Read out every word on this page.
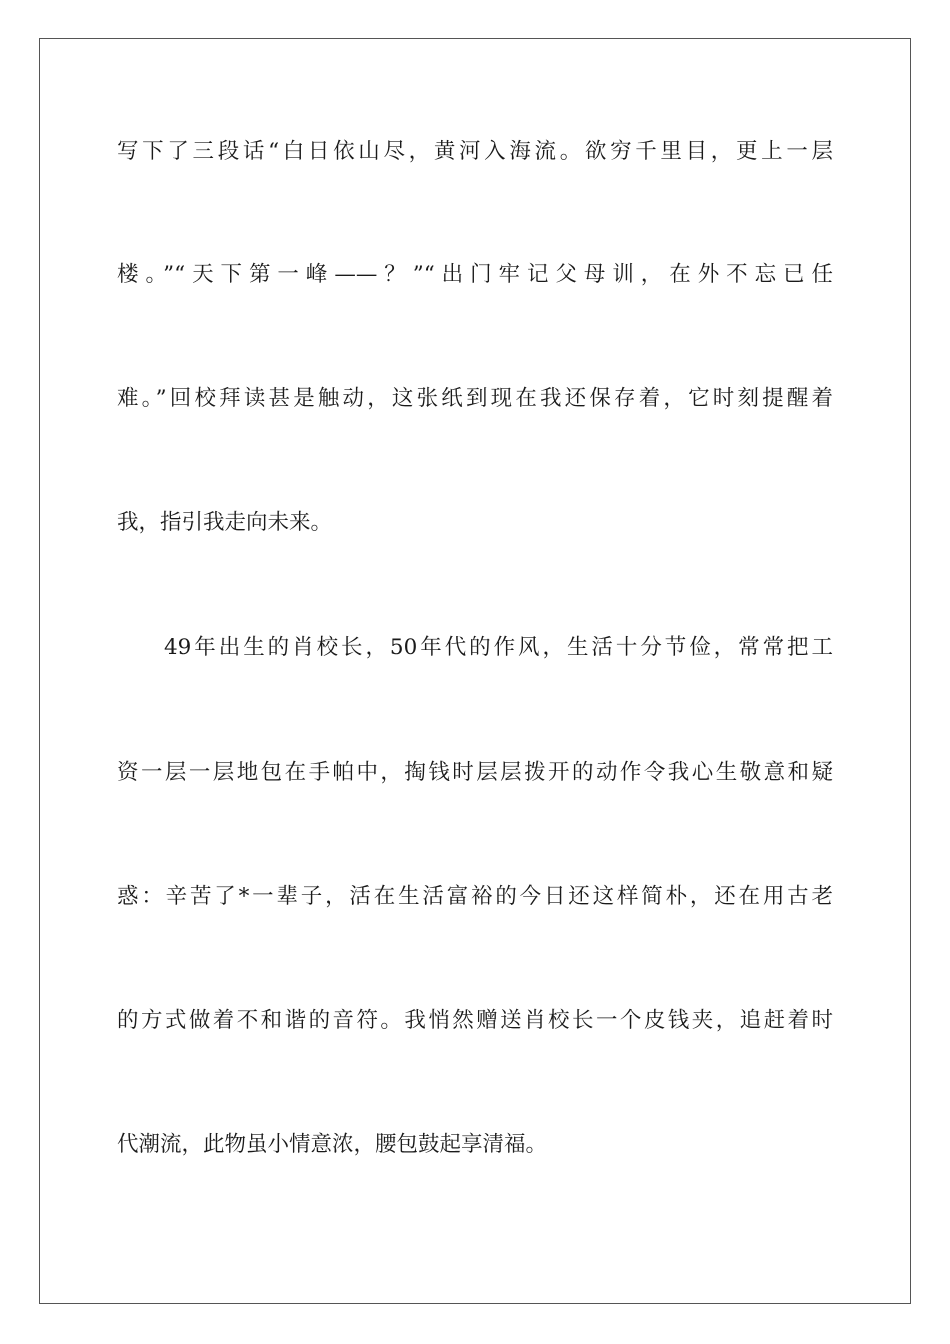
写下了三段话“白日依山尽，黄河入海流。欲穷千里目，更上一层
楼。”“天下第一峰——？”“出门牢记父母训，在外不忘已任
难。”回校拜读甚是触动，这张纸到现在我还保存着，它时刻提醒着
我，指引我走向未来。
49年出生的肖校长，50年代的作风，生活十分节俭，常常把工
资一层一层地包在手帕中，掏钱时层层拨开的动作令我心生敬意和疑
惑：辛苦了*一辈子，活在生活富裕的今日还这样简朴，还在用古老
的方式做着不和谐的音符。我悄然赠送肖校长一个皮钱夹，追赶着时
代潮流，此物虽小情意浓，腰包鼓起享清福。
